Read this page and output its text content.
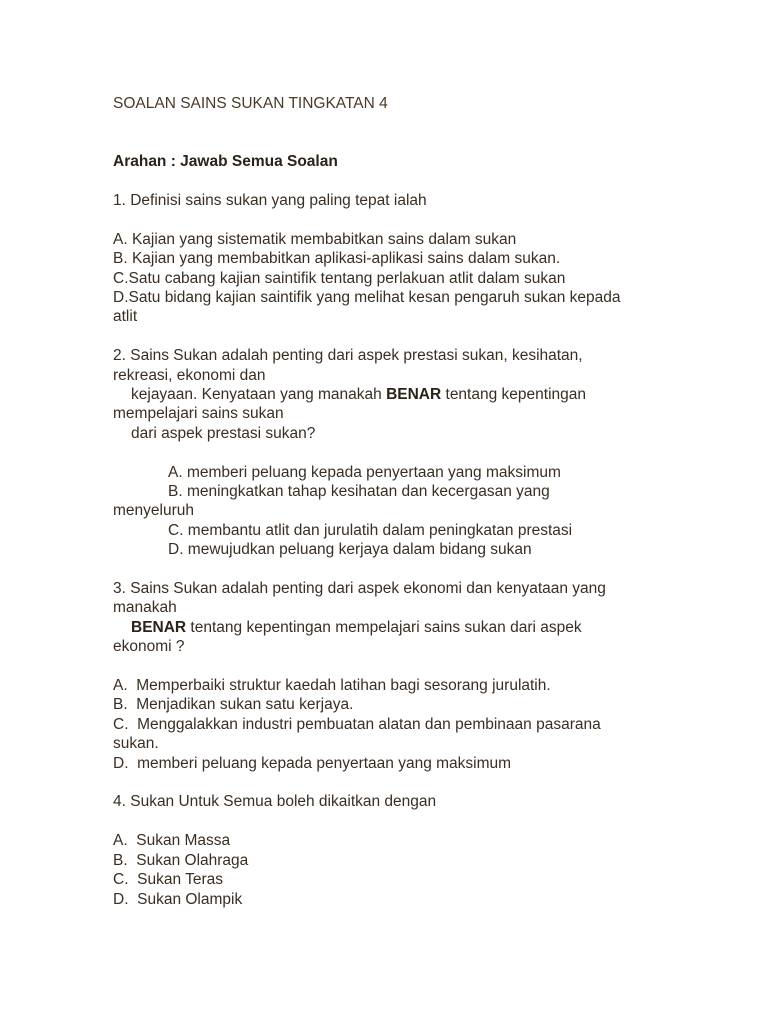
SOALAN SAINS SUKAN TINGKATAN 4
Arahan : Jawab Semua Soalan
1. Definisi sains sukan yang paling tepat ialah
A. Kajian yang sistematik membabitkan sains dalam sukan
B. Kajian yang membabitkan aplikasi-aplikasi sains dalam sukan.
C.Satu cabang kajian saintifik tentang perlakuan atlit dalam sukan
D.Satu bidang kajian saintifik yang melihat kesan pengaruh sukan kepada
atlit
2. Sains Sukan adalah penting dari aspek prestasi sukan, kesihatan,
rekreasi, ekonomi dan
kejayaan. Kenyataan yang manakah BENAR tentang kepentingan
mempelajari sains sukan
dari aspek prestasi sukan?
A. memberi peluang kepada penyertaan yang maksimum
B. meningkatkan tahap kesihatan dan kecergasan yang
menyeluruh
C. membantu atlit dan jurulatih dalam peningkatan prestasi
D. mewujudkan peluang kerjaya dalam bidang sukan
3. Sains Sukan adalah penting dari aspek ekonomi dan kenyataan yang
manakah
BENAR tentang kepentingan mempelajari sains sukan dari aspek
ekonomi ?
A.  Memperbaiki struktur kaedah latihan bagi sesorang jurulatih.
B.  Menjadikan sukan satu kerjaya.
C.  Menggalakkan industri pembuatan alatan dan pembinaan pasarana
sukan.
D.  memberi peluang kepada penyertaan yang maksimum
4. Sukan Untuk Semua boleh dikaitkan dengan
A.  Sukan Massa
B.  Sukan Olahraga
C.  Sukan Teras
D.  Sukan Olampik
